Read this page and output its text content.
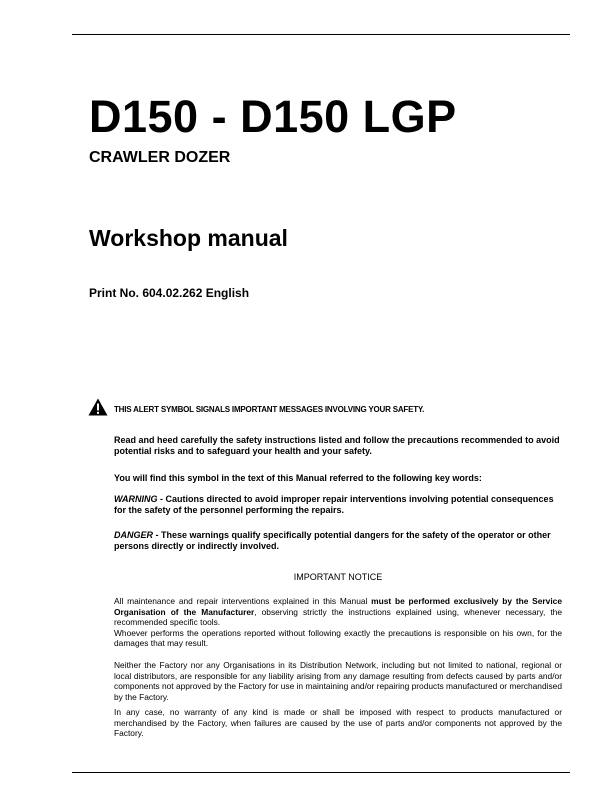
D150 - D150 LGP
CRAWLER DOZER
Workshop manual
Print No. 604.02.262 English
THIS ALERT SYMBOL SIGNALS IMPORTANT MESSAGES INVOLVING YOUR SAFETY.
Read and heed carefully the safety instructions listed and follow the precautions recommended to avoid potential risks and to safeguard your health and your safety.
You will find this symbol in the text of this Manual referred to the following key words:
WARNING - Cautions directed to avoid improper repair interventions involving potential consequences for the safety of the personnel performing the repairs.
DANGER - These warnings qualify specifically potential dangers for the safety of the operator or other persons directly or indirectly involved.
IMPORTANT NOTICE
All maintenance and repair interventions explained in this Manual must be performed exclusively by the Service Organisation of the Manufacturer, observing strictly the instructions explained using, whenever necessary, the recommended specific tools.
Whoever performs the operations reported without following exactly the precautions is responsible on his own, for the damages that may result.
Neither the Factory nor any Organisations in its Distribution Network, including but not limited to national, regional or local distributors, are responsible for any liability arising from any damage resulting from defects caused by parts and/or components not approved by the Factory for use in maintaining and/or repairing products manufactured or merchandised by the Factory.
In any case, no warranty of any kind is made or shall be imposed with respect to products manufactured or merchandised by the Factory, when failures are caused by the use of parts and/or components not approved by the Factory.
